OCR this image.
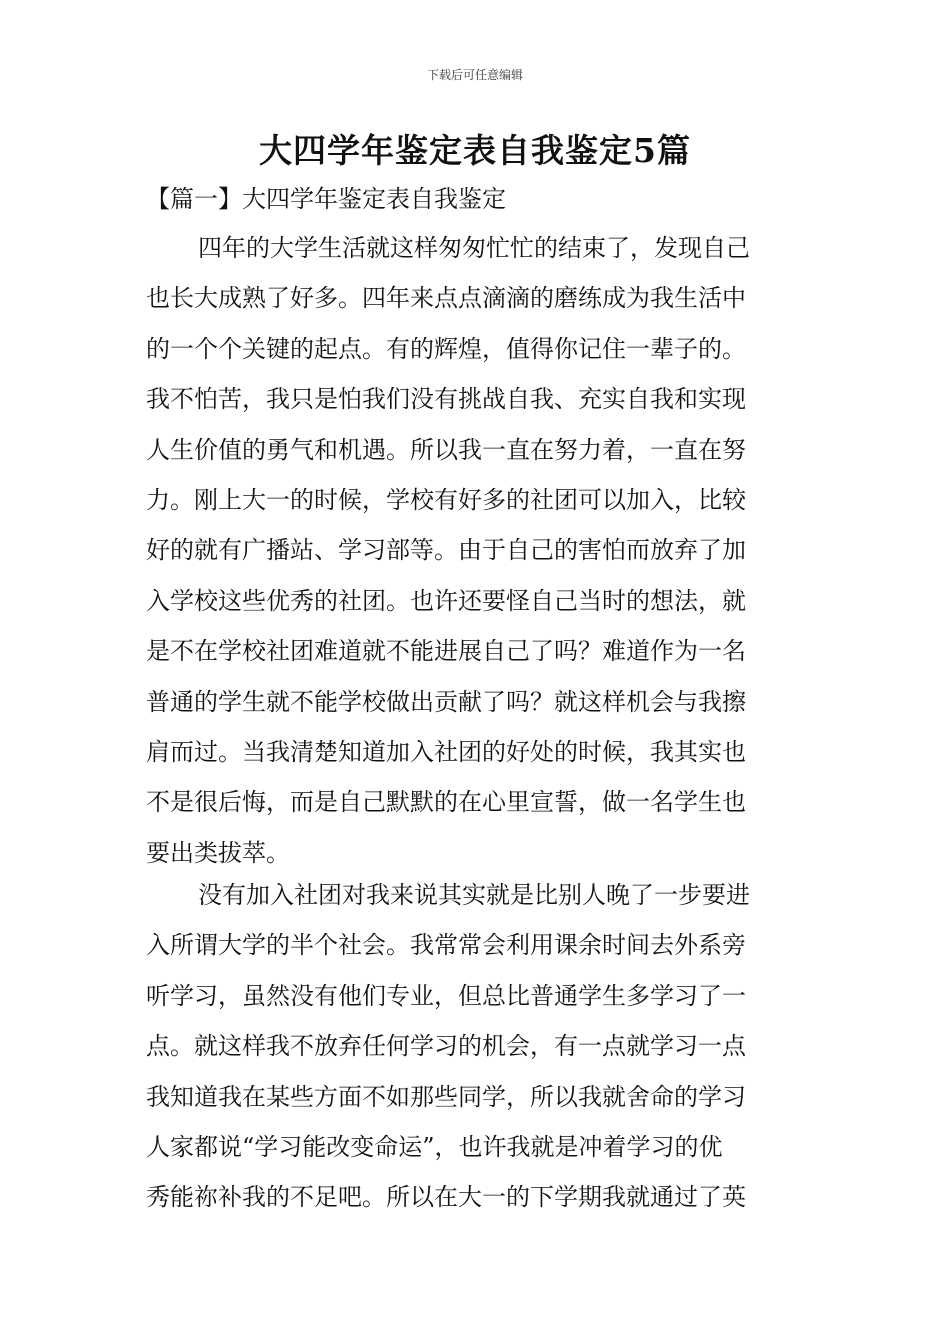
下载后可任意编辑
大四学年鉴定表自我鉴定5篇
【篇一】大四学年鉴定表自我鉴定
四年的大学生活就这样匆匆忙忙的结束了，发现自己
也长大成熟了好多。四年来点点滴滴的磨练成为我生活中
的一个个关键的起点。有的辉煌，值得你记住一辈子的。
我不怕苦，我只是怕我们没有挑战自我、充实自我和实现
人生价值的勇气和机遇。所以我一直在努力着，一直在努
力。刚上大一的时候，学校有好多的社团可以加入，比较
好的就有广播站、学习部等。由于自己的害怕而放弃了加
入学校这些优秀的社团。也许还要怪自己当时的想法，就
是不在学校社团难道就不能进展自己了吗？难道作为一名
普通的学生就不能学校做出贡献了吗？就这样机会与我擦
肩而过。当我清楚知道加入社团的好处的时候，我其实也
不是很后悔，而是自己默默的在心里宣誓，做一名学生也
要出类拔萃。
没有加入社团对我来说其实就是比别人晚了一步要进
入所谓大学的半个社会。我常常会利用课余时间去外系旁
听学习，虽然没有他们专业，但总比普通学生多学习了一
点。就这样我不放弃任何学习的机会，有一点就学习一点
我知道我在某些方面不如那些同学，所以我就舍命的学习
人家都说“学习能改变命运”，也许我就是冲着学习的优
秀能祢补我的不足吧。所以在大一的下学期我就通过了英
